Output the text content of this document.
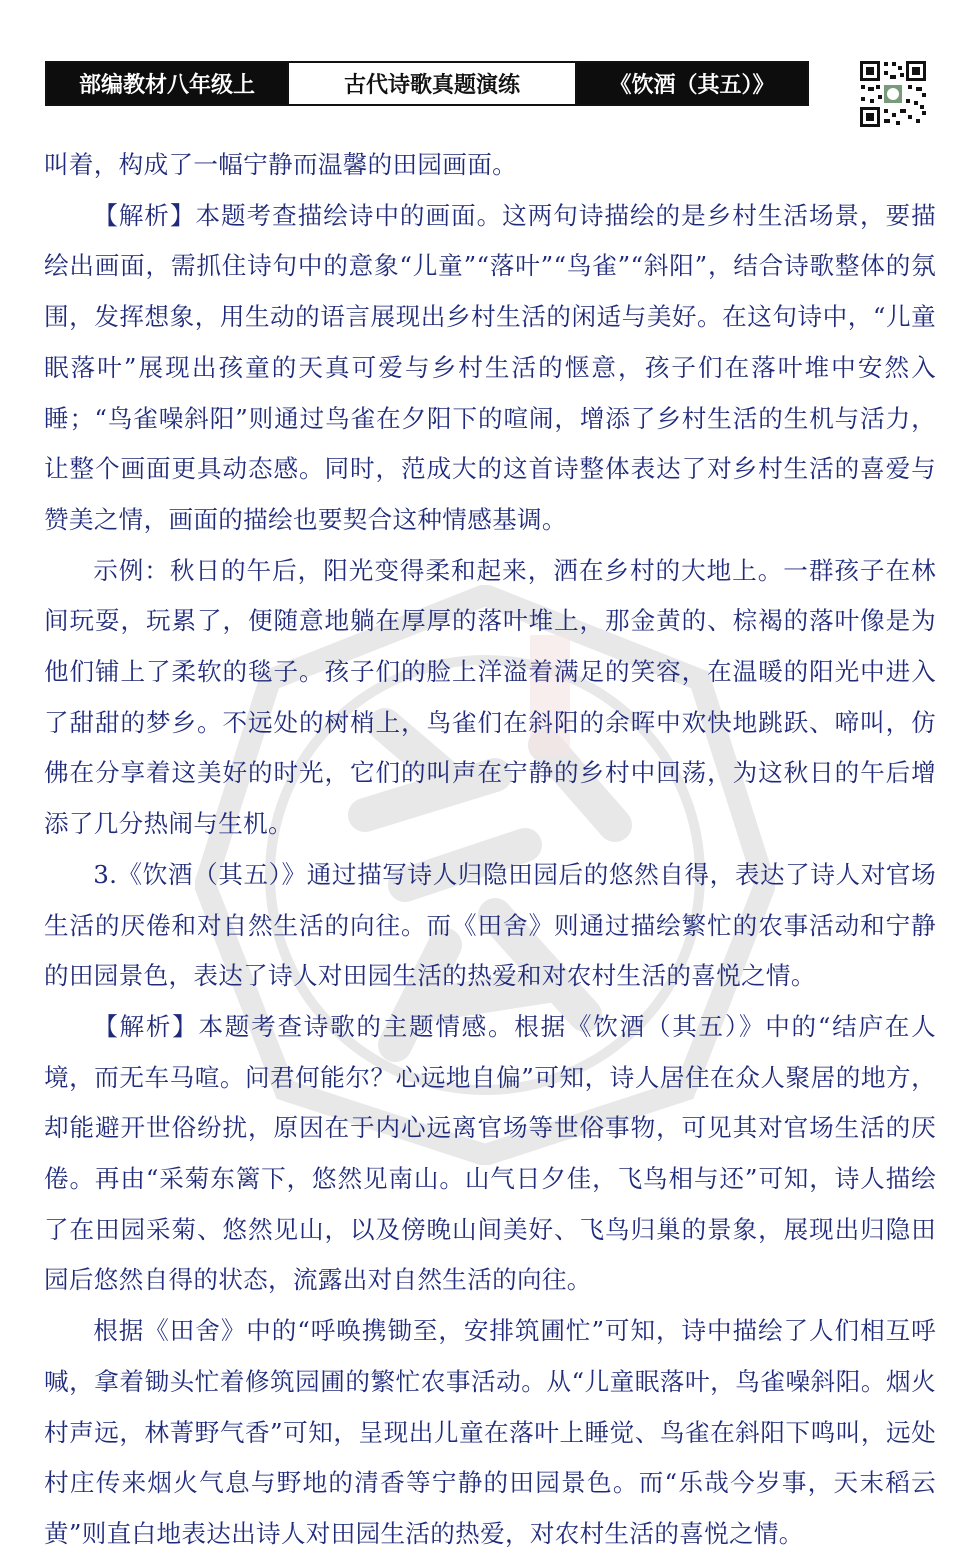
部编教材八年级上	古代诗歌真题演练	《饮酒（其五）》

叫着，构成了一幅宁静而温馨的田园画面。

【解析】本题考查描绘诗中的画面。这两句诗描绘的是乡村生活场景，要描绘出画面，需抓住诗句中的意象“儿童”“落叶”“鸟雀”“斜阳”，结合诗歌整体的氛围，发挥想象，用生动的语言展现出乡村生活的闲适与美好。在这句诗中，“儿童眠落叶”展现出孩童的天真可爱与乡村生活的惬意，孩子们在落叶堆中安然入睡；“鸟雀噪斜阳”则通过鸟雀在夕阳下的喧闹，增添了乡村生活的生机与活力，让整个画面更具动态感。同时，范成大的这首诗整体表达了对乡村生活的喜爱与赞美之情，画面的描绘也要契合这种情感基调。

示例：秋日的午后，阳光变得柔和起来，洒在乡村的大地上。一群孩子在林间玩耍，玩累了，便随意地躺在厚厚的落叶堆上，那金黄的、棕褐的落叶像是为他们铺上了柔软的毯子。孩子们的脸上洋溢着满足的笑容，在温暖的阳光中进入了甜甜的梦乡。不远处的树梢上，鸟雀们在斜阳的余晖中欢快地跳跃、啼叫，仿佛在分享着这美好的时光，它们的叫声在宁静的乡村中回荡，为这秋日的午后增添了几分热闹与生机。

3.《饮酒（其五）》通过描写诗人归隐田园后的悠然自得，表达了诗人对官场生活的厌倦和对自然生活的向往。而《田舍》则通过描绘繁忙的农事活动和宁静的田园景色，表达了诗人对田园生活的热爱和对农村生活的喜悦之情。

【解析】本题考查诗歌的主题情感。根据《饮酒（其五）》中的“结庐在人境，而无车马喧。问君何能尔？心远地自偏”可知，诗人居住在众人聚居的地方，却能避开世俗纷扰，原因在于内心远离官场等世俗事物，可见其对官场生活的厌倦。再由“采菊东篱下，悠然见南山。山气日夕佳，飞鸟相与还”可知，诗人描绘了在田园采菊、悠然见山，以及傍晚山间美好、飞鸟归巢的景象，展现出归隐田园后悠然自得的状态，流露出对自然生活的向往。

根据《田舍》中的“呼唤携锄至，安排筑圃忙”可知，诗中描绘了人们相互呼喊，拿着锄头忙着修筑园圃的繁忙农事活动。从“儿童眠落叶，鸟雀噪斜阳。烟火村声远，林菁野气香”可知，呈现出儿童在落叶上睡觉、鸟雀在斜阳下鸣叫，远处村庄传来烟火气息与野地的清香等宁静的田园景色。而“乐哉今岁事，天末稻云黄”则直白地表达出诗人对田园生活的热爱，对农村生活的喜悦之情。
